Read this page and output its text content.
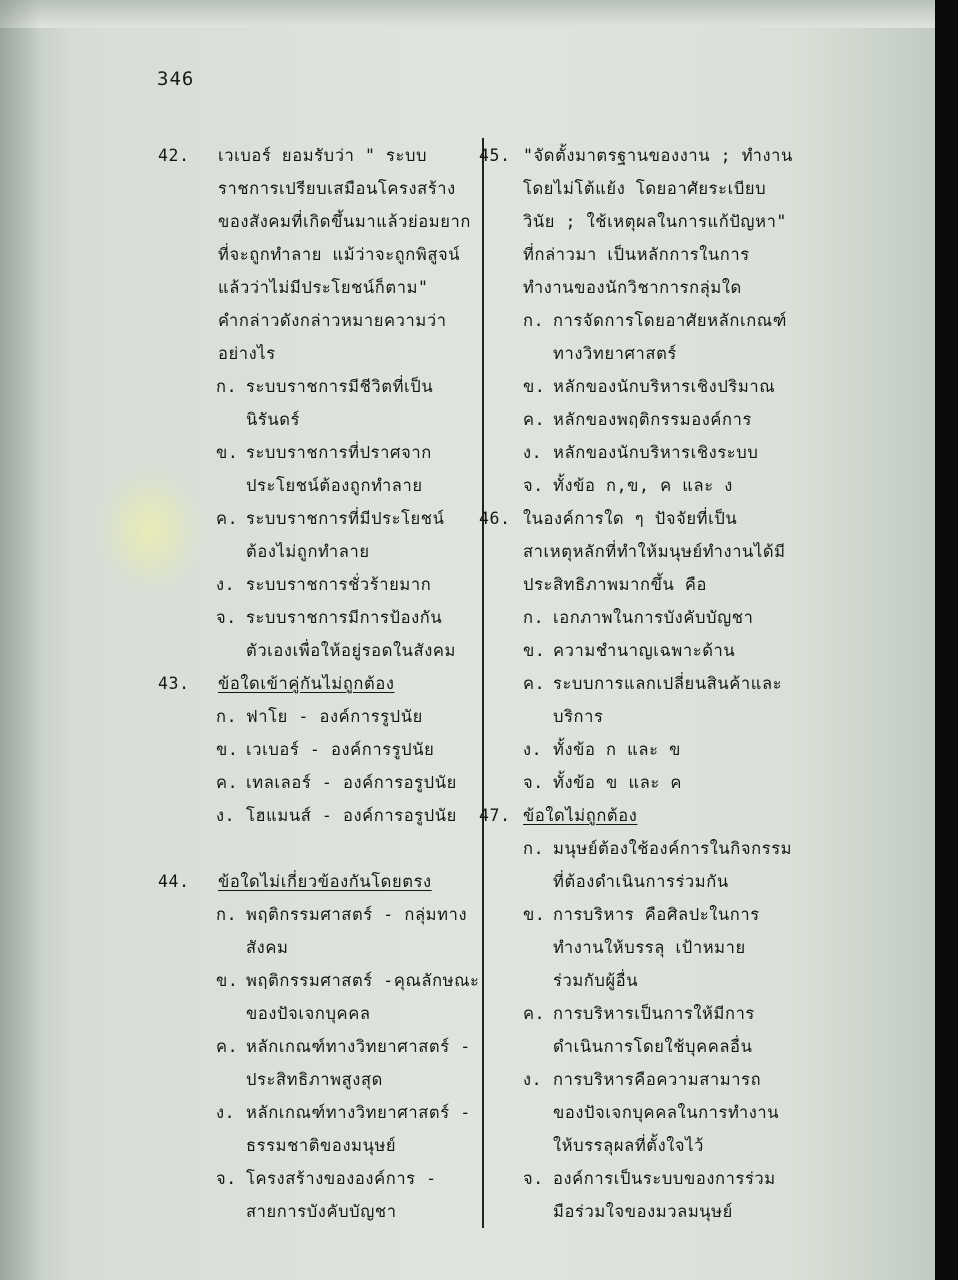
346
42. เวเบอร์ ยอมรับว่า " ระบบ
ราชการเปรียบเสมือนโครงสร้าง
ของสังคมที่เกิดขึ้นมาแล้วย่อมยาก
ที่จะถูกทำลาย แม้ว่าจะถูกพิสูจน์
แล้วว่าไม่มีประโยชน์ก็ตาม"
คำกล่าวดังกล่าวหมายความว่า
อย่างไร
ก. ระบบราชการมีชีวิตที่เป็น
นิรันดร์
ข. ระบบราชการที่ปราศจาก
ประโยชน์ต้องถูกทำลาย
ค. ระบบราชการที่มีประโยชน์
ต้องไม่ถูกทำลาย
ง. ระบบราชการชั่วร้ายมาก
จ. ระบบราชการมีการป้องกัน
ตัวเองเพื่อให้อยู่รอดในสังคม
43. ข้อใดเข้าคู่กันไม่ถูกต้อง
ก. ฟาโย - องค์การรูปนัย
ข. เวเบอร์ - องค์การรูปนัย
ค. เทลเลอร์ - องค์การอรูปนัย
ง. โฮแมนส์ - องค์การอรูปนัย
44. ข้อใดไม่เกี่ยวข้องกันโดยตรง
ก. พฤติกรรมศาสตร์ - กลุ่มทาง
สังคม
ข. พฤติกรรมศาสตร์ -คุณลักษณะ
ของปัจเจกบุคคล
ค. หลักเกณฑ์ทางวิทยาศาสตร์ -
ประสิทธิภาพสูงสุด
ง. หลักเกณฑ์ทางวิทยาศาสตร์ -
ธรรมชาติของมนุษย์
จ. โครงสร้างขององค์การ -
สายการบังคับบัญชา
45. "จัดตั้งมาตรฐานของงาน ; ทำงาน
โดยไม่โต้แย้ง โดยอาศัยระเบียบ
วินัย ; ใช้เหตุผลในการแก้ปัญหา"
ที่กล่าวมา เป็นหลักการในการ
ทำงานของนักวิชาการกลุ่มใด
ก. การจัดการโดยอาศัยหลักเกณฑ์
ทางวิทยาศาสตร์
ข. หลักของนักบริหารเชิงปริมาณ
ค. หลักของพฤติกรรมองค์การ
ง. หลักของนักบริหารเชิงระบบ
จ. ทั้งข้อ ก,ข, ค และ ง
46. ในองค์การใด ๆ ปัจจัยที่เป็น
สาเหตุหลักที่ทำให้มนุษย์ทำงานได้มี
ประสิทธิภาพมากขึ้น คือ
ก. เอกภาพในการบังคับบัญชา
ข. ความชำนาญเฉพาะด้าน
ค. ระบบการแลกเปลี่ยนสินค้าและ
บริการ
ง. ทั้งข้อ ก และ ข
จ. ทั้งข้อ ข และ ค
47. ข้อใดไม่ถูกต้อง
ก. มนุษย์ต้องใช้องค์การในกิจกรรม
ที่ต้องดำเนินการร่วมกัน
ข. การบริหาร คือศิลปะในการ
ทำงานให้บรรลุ เป้าหมาย
ร่วมกับผู้อื่น
ค. การบริหารเป็นการให้มีการ
ดำเนินการโดยใช้บุคคลอื่น
ง. การบริหารคือความสามารถ
ของปัจเจกบุคคลในการทำงาน
ให้บรรลุผลที่ตั้งใจไว้
จ. องค์การเป็นระบบของการร่วม
มือร่วมใจของมวลมนุษย์
